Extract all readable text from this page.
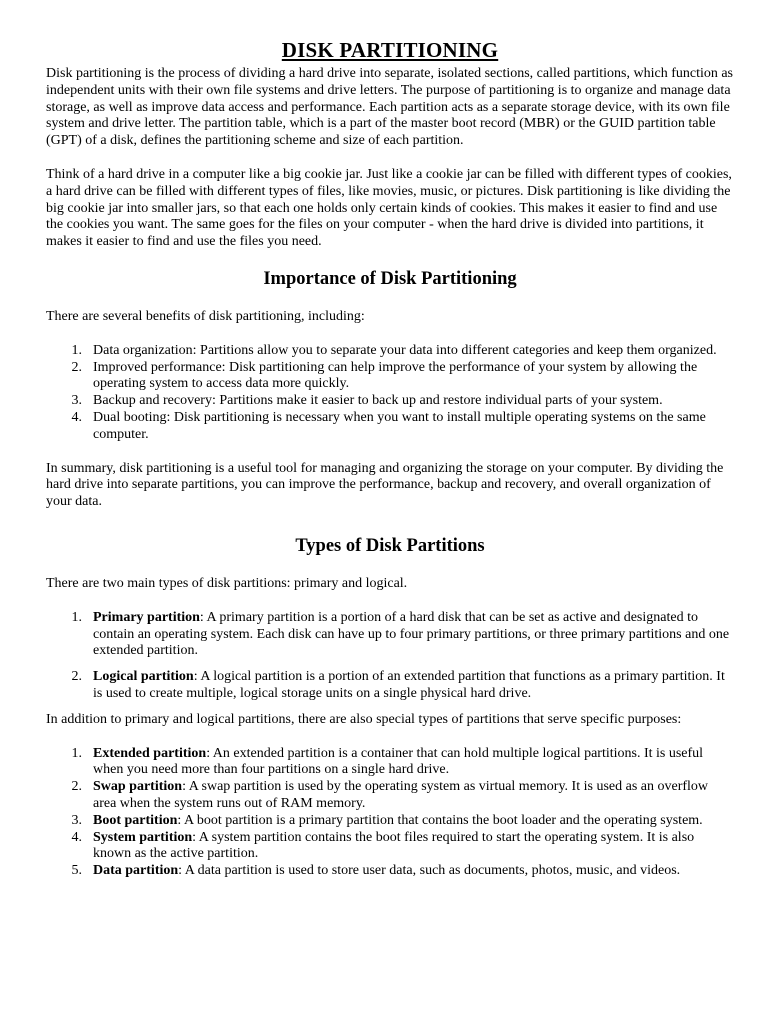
DISK PARTITIONING

Disk partitioning is the process of dividing a hard drive into separate, isolated sections, called partitions, which function as independent units with their own file systems and drive letters. The purpose of partitioning is to organize and manage data storage, as well as improve data access and performance. Each partition acts as a separate storage device, with its own file system and drive letter. The partition table, which is a part of the master boot record (MBR) or the GUID partition table (GPT) of a disk, defines the partitioning scheme and size of each partition.

Think of a hard drive in a computer like a big cookie jar. Just like a cookie jar can be filled with different types of cookies, a hard drive can be filled with different types of files, like movies, music, or pictures. Disk partitioning is like dividing the big cookie jar into smaller jars, so that each one holds only certain kinds of cookies. This makes it easier to find and use the cookies you want. The same goes for the files on your computer - when the hard drive is divided into partitions, it makes it easier to find and use the files you need.

Importance of Disk Partitioning

There are several benefits of disk partitioning, including:

1. Data organization: Partitions allow you to separate your data into different categories and keep them organized.
2. Improved performance: Disk partitioning can help improve the performance of your system by allowing the operating system to access data more quickly.
3. Backup and recovery: Partitions make it easier to back up and restore individual parts of your system.
4. Dual booting: Disk partitioning is necessary when you want to install multiple operating systems on the same computer.

In summary, disk partitioning is a useful tool for managing and organizing the storage on your computer. By dividing the hard drive into separate partitions, you can improve the performance, backup and recovery, and overall organization of your data.

Types of Disk Partitions

There are two main types of disk partitions: primary and logical.

1. Primary partition: A primary partition is a portion of a hard disk that can be set as active and designated to contain an operating system. Each disk can have up to four primary partitions, or three primary partitions and one extended partition.
2. Logical partition: A logical partition is a portion of an extended partition that functions as a primary partition. It is used to create multiple, logical storage units on a single physical hard drive.

In addition to primary and logical partitions, there are also special types of partitions that serve specific purposes:

1. Extended partition: An extended partition is a container that can hold multiple logical partitions. It is useful when you need more than four partitions on a single hard drive.
2. Swap partition: A swap partition is used by the operating system as virtual memory. It is used as an overflow area when the system runs out of RAM memory.
3. Boot partition: A boot partition is a primary partition that contains the boot loader and the operating system.
4. System partition: A system partition contains the boot files required to start the operating system. It is also known as the active partition.
5. Data partition: A data partition is used to store user data, such as documents, photos, music, and videos.
